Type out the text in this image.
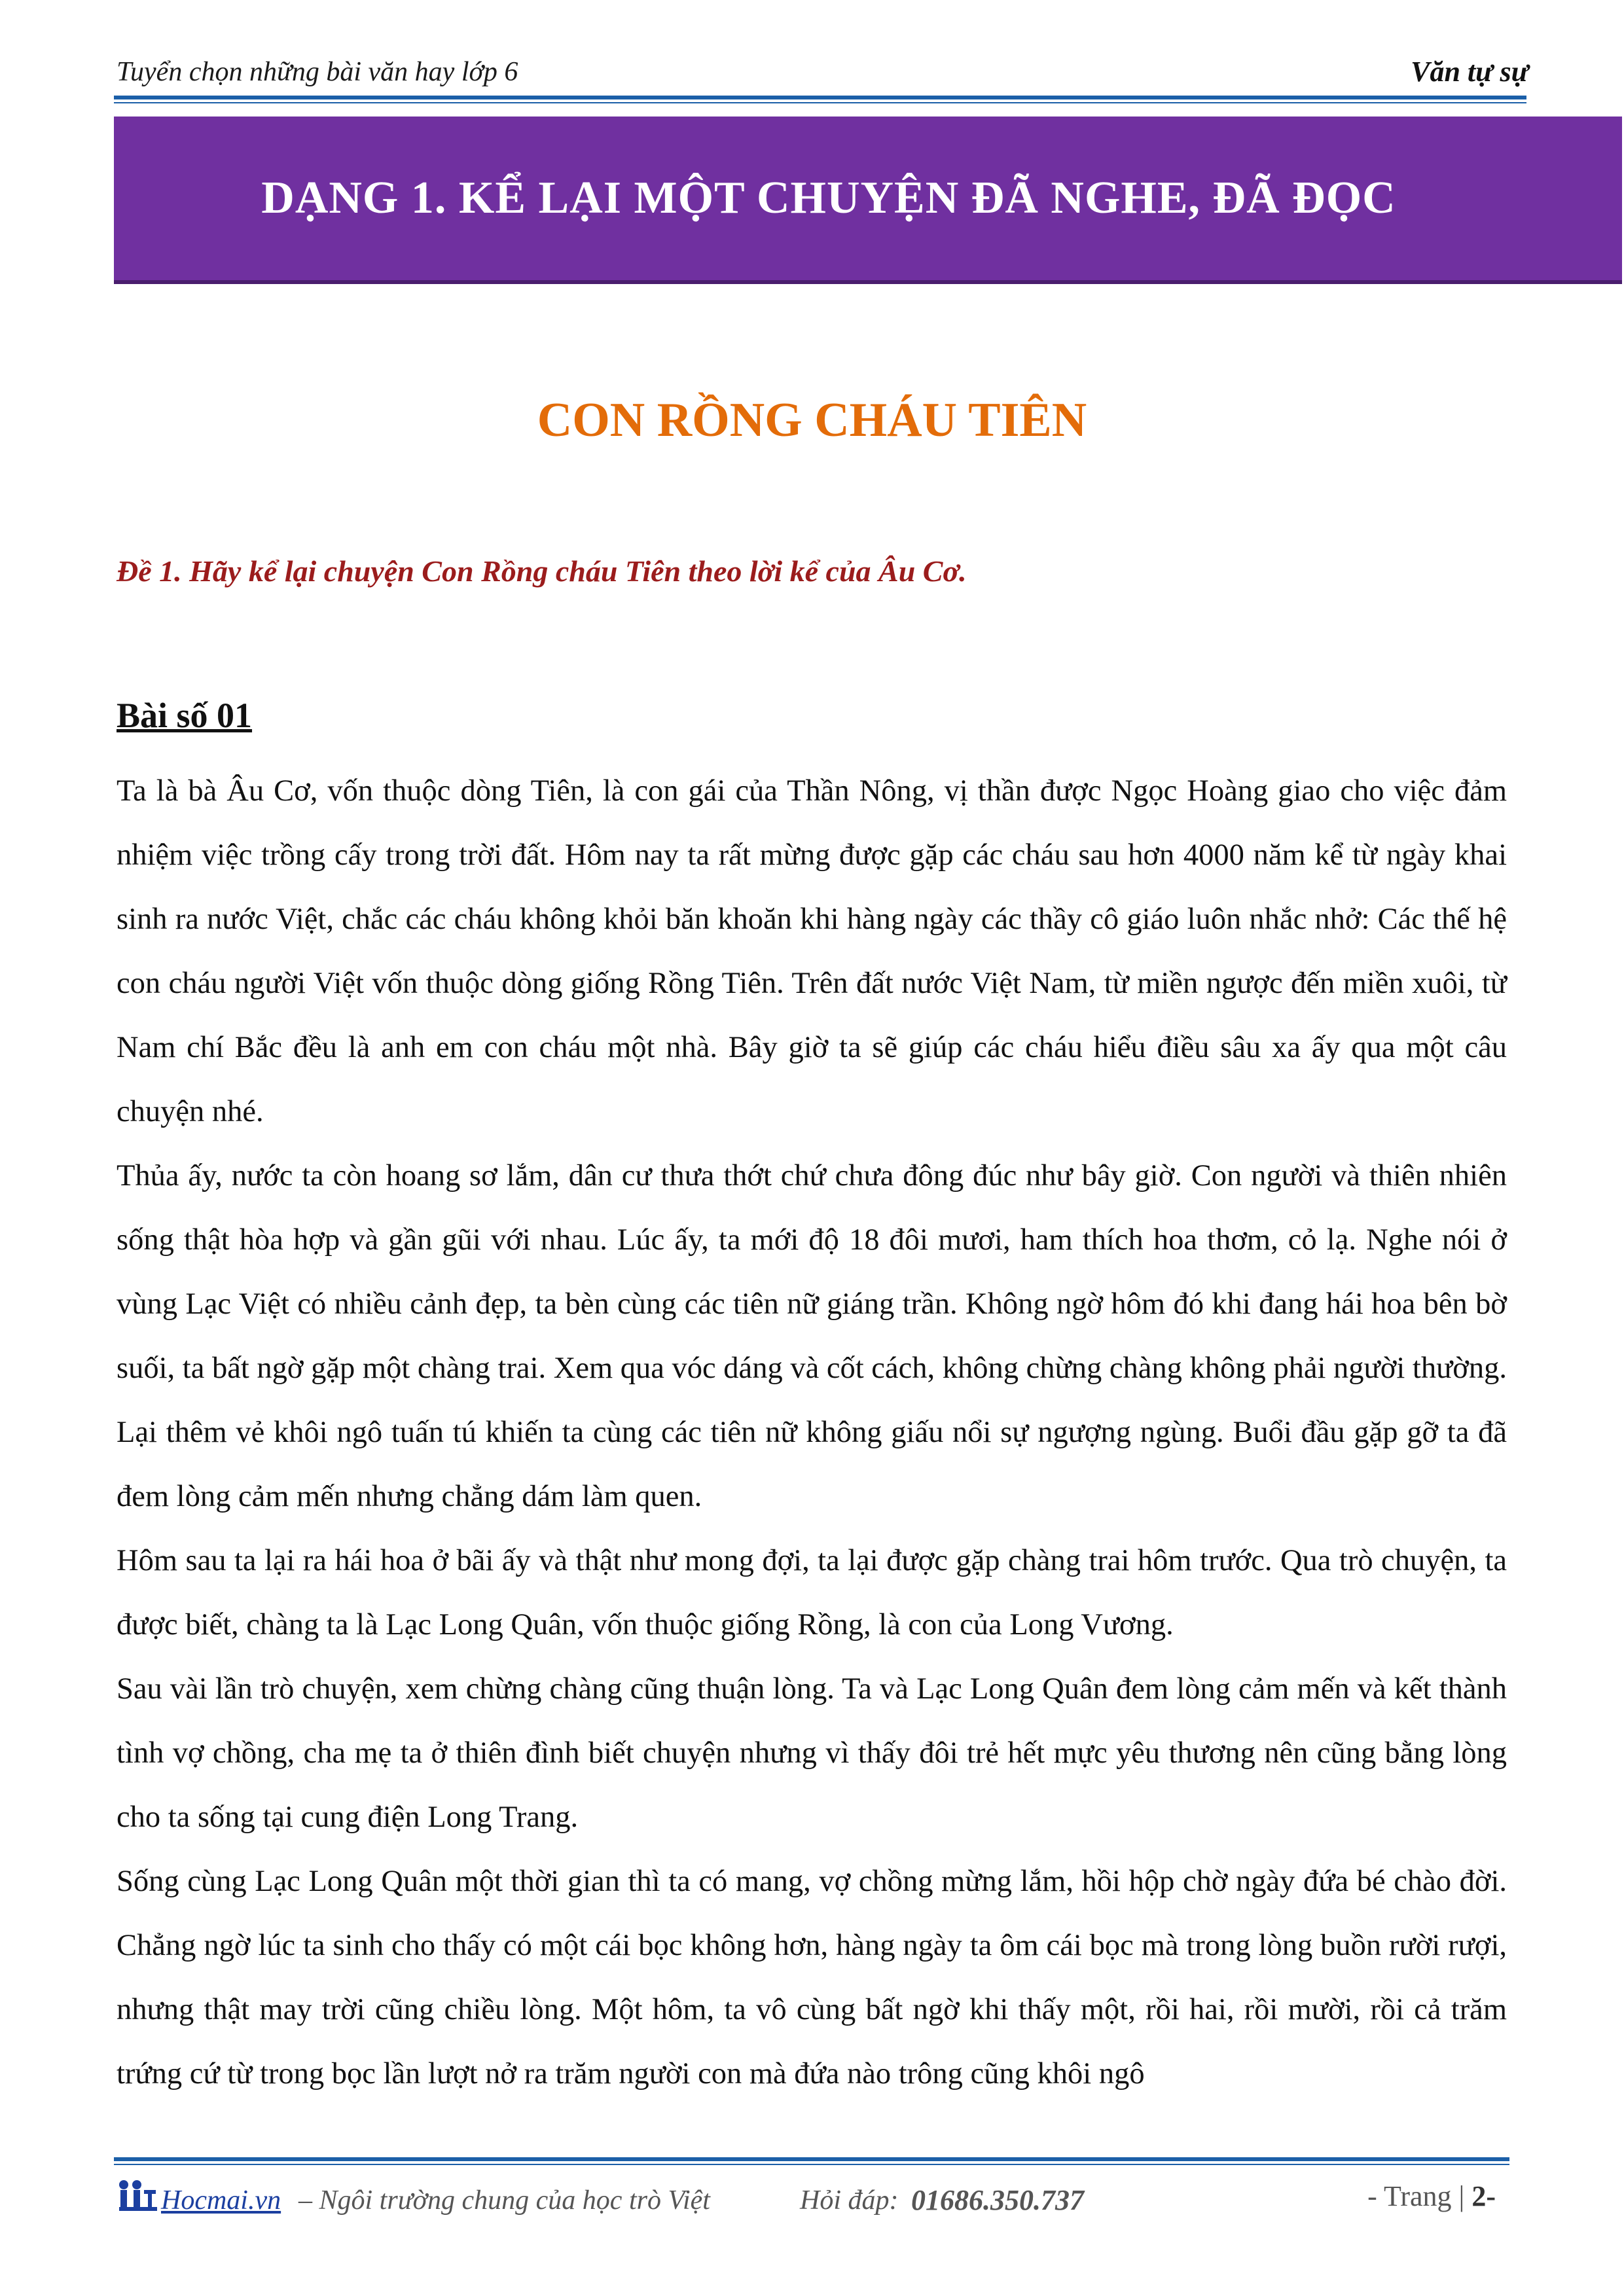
Tuyển chọn những bài văn hay lớp 6	Văn tự sự
DẠNG 1. KỂ LẠI MỘT CHUYỆN ĐÃ NGHE, ĐÃ ĐỌC
CON RỒNG CHÁU TIÊN
Đề 1. Hãy kể lại chuyện Con Rồng cháu Tiên theo lời kể của Âu Cơ.
Bài số 01

Ta là bà Âu Cơ, vốn thuộc dòng Tiên, là con gái của Thần Nông, vị thần được Ngọc Hoàng giao cho việc đảm nhiệm việc trồng cấy trong trời đất. Hôm nay ta rất mừng được gặp các cháu sau hơn 4000 năm kể từ ngày khai sinh ra nước Việt, chắc các cháu không khỏi băn khoăn khi hàng ngày các thầy cô giáo luôn nhắc nhở: Các thế hệ con cháu người Việt vốn thuộc dòng giống Rồng Tiên. Trên đất nước Việt Nam, từ miền ngược đến miền xuôi, từ Nam chí Bắc đều là anh em con cháu một nhà. Bây giờ ta sẽ giúp các cháu hiểu điều sâu xa ấy qua một câu chuyện nhé.

Thủa ấy, nước ta còn hoang sơ lắm, dân cư thưa thớt chứ chưa đông đúc như bây giờ. Con người và thiên nhiên sống thật hòa hợp và gần gũi với nhau. Lúc ấy, ta mới độ 18 đôi mươi, ham thích hoa thơm, cỏ lạ. Nghe nói ở vùng Lạc Việt có nhiều cảnh đẹp, ta bèn cùng các tiên nữ giáng trần. Không ngờ hôm đó khi đang hái hoa bên bờ suối, ta bất ngờ gặp một chàng trai. Xem qua vóc dáng và cốt cách, không chừng chàng không phải người thường. Lại thêm vẻ khôi ngô tuấn tú khiến ta cùng các tiên nữ không giấu nổi sự ngượng ngùng. Buổi đầu gặp gỡ ta đã đem lòng cảm mến nhưng chẳng dám làm quen.

Hôm sau ta lại ra hái hoa ở bãi ấy và thật như mong đợi, ta lại được gặp chàng trai hôm trước. Qua trò chuyện, ta được biết, chàng ta là Lạc Long Quân, vốn thuộc giống Rồng, là con của Long Vương.

Sau vài lần trò chuyện, xem chừng chàng cũng thuận lòng. Ta và Lạc Long Quân đem lòng cảm mến và kết thành tình vợ chồng, cha mẹ ta ở thiên đình biết chuyện nhưng vì thấy đôi trẻ hết mực yêu thương nên cũng bằng lòng cho ta sống tại cung điện Long Trang.

Sống cùng Lạc Long Quân một thời gian thì ta có mang, vợ chồng mừng lắm, hồi hộp chờ ngày đứa bé chào đời. Chẳng ngờ lúc ta sinh cho thấy có một cái bọc không hơn, hàng ngày ta ôm cái bọc mà trong lòng buồn rười rượi, nhưng thật may trời cũng chiều lòng. Một hôm, ta vô cùng bất ngờ khi thấy một, rồi hai, rồi mười, rồi cả trăm trứng cứ từ trong bọc lần lượt nở ra trăm người con mà đứa nào trông cũng khôi ngô

Hocmai.vn – Ngôi trường chung của học trò Việt	Hỏi đáp: 01686.350.737	- Trang | 2-
